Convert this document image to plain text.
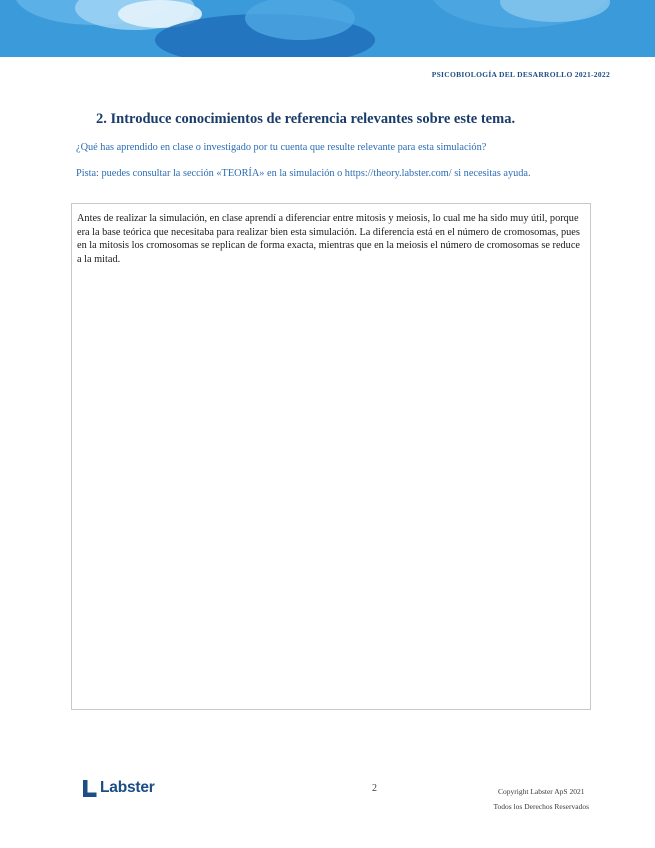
PSICOBIOLOGÍA DEL DESARROLLO 2021-2022
2. Introduce conocimientos de referencia relevantes sobre este tema.
¿Qué has aprendido en clase o investigado por tu cuenta que resulte relevante para esta simulación?
Pista: puedes consultar la sección «TEORÍA» en la simulación o https://theory.labster.com/ si necesitas ayuda.

Antes de realizar la simulación, en clase aprendí a diferenciar entre mitosis y meiosis, lo cual me ha sido muy útil, porque era la base teórica que necesitaba para realizar bien esta simulación. La diferencia está en el número de cromosomas, pues en la mitosis los cromosomas se replican de forma exacta, mientras que en la meiosis el número de cromosomas se reduce a la mitad.

Labster	2	Copyright Labster ApS 2021
Todos los Derechos Reservados
